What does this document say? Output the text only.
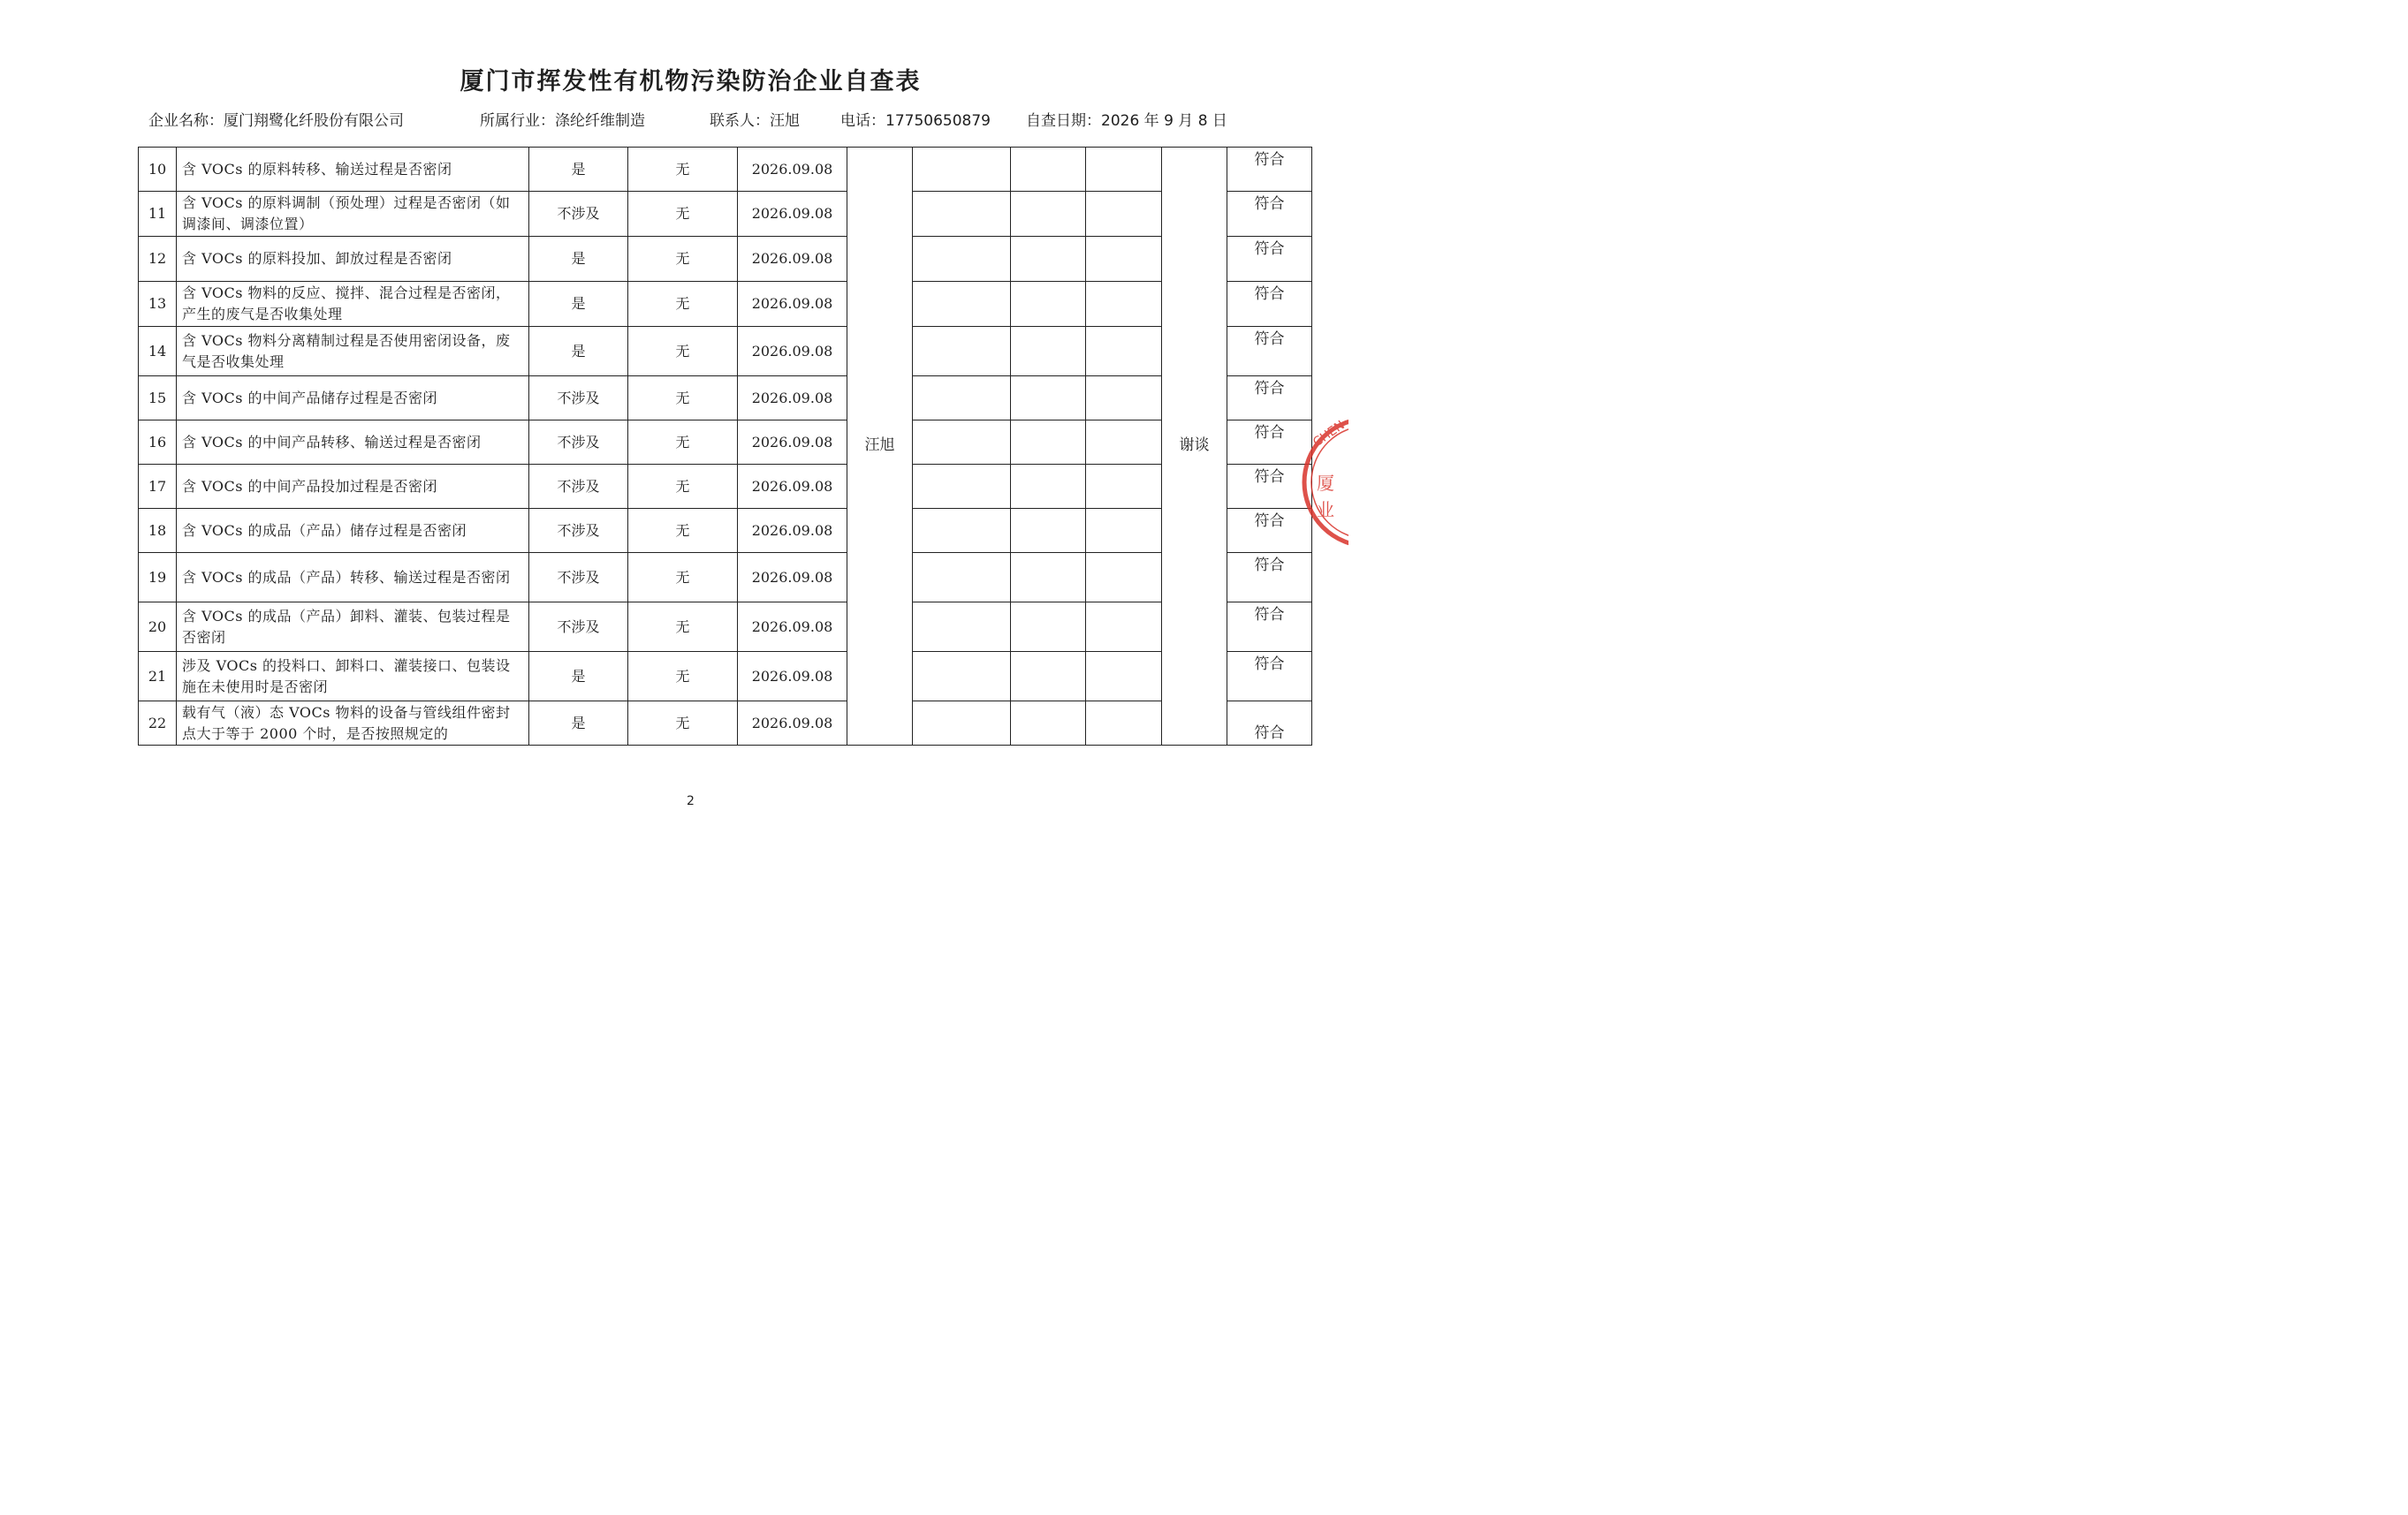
厦门市挥发性有机物污染防治企业自查表
企业名称：厦门翔鹭化纤股份有限公司	所属行业：涤纶纤维制造	联系人：汪旭	电话：17750650879 自查日期：2026 年 9 月 8 日
10	含 VOCs 的原料转移、输送过程是否密闭	是	无	2026.09.08	汪旭				谢谈	符合
11	含 VOCs 的原料调制（预处理）过程是否密闭（如调漆间、调漆位置）	不涉及	无	2026.09.08						符合
12	含 VOCs 的原料投加、卸放过程是否密闭	是	无	2026.09.08						符合
13	含 VOCs 物料的反应、搅拌、混合过程是否密闭，产生的废气是否收集处理	是	无	2026.09.08						符合
14	含 VOCs 物料分离精制过程是否使用密闭设备，废气是否收集处理	是	无	2026.09.08						符合
15	含 VOCs 的中间产品储存过程是否密闭	不涉及	无	2026.09.08						符合
16	含 VOCs 的中间产品转移、输送过程是否密闭	不涉及	无	2026.09.08						符合
17	含 VOCs 的中间产品投加过程是否密闭	不涉及	无	2026.09.08						符合
18	含 VOCs 的成品（产品）储存过程是否密闭	不涉及	无	2026.09.08						符合
19	含 VOCs 的成品（产品）转移、输送过程是否密闭	不涉及	无	2026.09.08						符合
20	含 VOCs 的成品（产品）卸料、灌装、包装过程是否密闭	不涉及	无	2026.09.08						符合
21	涉及 VOCs 的投料口、卸料口、灌装接口、包装设施在未使用时是否密闭	是	无	2026.09.08						符合
22	载有气（液）态 VOCs 物料的设备与管线组件密封点大于等于 2000 个时，是否按照规定的	是	无	2026.09.08						符合
CHEN
厦
业
2
